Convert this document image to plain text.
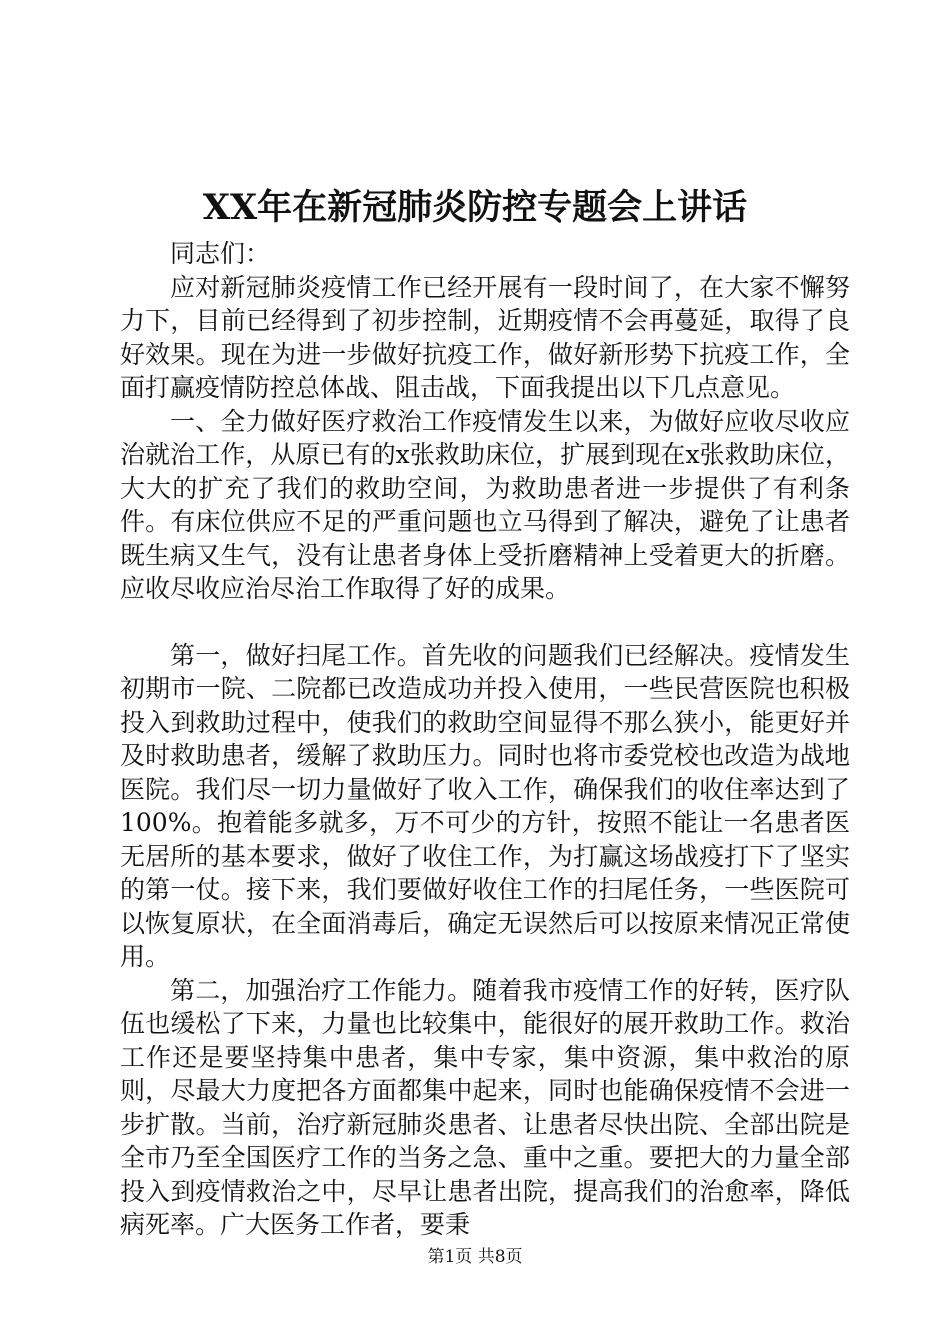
XX年在新冠肺炎防控专题会上讲话

同志们：

应对新冠肺炎疫情工作已经开展有一段时间了，在大家不懈努力下，目前已经得到了初步控制，近期疫情不会再蔓延，取得了良好效果。现在为进一步做好抗疫工作，做好新形势下抗疫工作，全面打赢疫情防控总体战、阻击战，下面我提出以下几点意见。

一、全力做好医疗救治工作疫情发生以来，为做好应收尽收应治就治工作，从原已有的x张救助床位，扩展到现在x张救助床位，大大的扩充了我们的救助空间，为救助患者进一步提供了有利条件。有床位供应不足的严重问题也立马得到了解决，避免了让患者既生病又生气，没有让患者身体上受折磨精神上受着更大的折磨。应收尽收应治尽治工作取得了好的成果。

第一，做好扫尾工作。首先收的问题我们已经解决。疫情发生初期市一院、二院都已改造成功并投入使用，一些民营医院也积极投入到救助过程中，使我们的救助空间显得不那么狭小，能更好并及时救助患者，缓解了救助压力。同时也将市委党校也改造为战地医院。我们尽一切力量做好了收入工作，确保我们的收住率达到了100%。抱着能多就多，万不可少的方针，按照不能让一名患者医无居所的基本要求，做好了收住工作，为打赢这场战疫打下了坚实的第一仗。接下来，我们要做好收住工作的扫尾任务，一些医院可以恢复原状，在全面消毒后，确定无误然后可以按原来情况正常使用。

第二，加强治疗工作能力。随着我市疫情工作的好转，医疗队伍也缓松了下来，力量也比较集中，能很好的展开救助工作。救治工作还是要坚持集中患者，集中专家，集中资源，集中救治的原则，尽最大力度把各方面都集中起来，同时也能确保疫情不会进一步扩散。当前，治疗新冠肺炎患者、让患者尽快出院、全部出院是全市乃至全国医疗工作的当务之急、重中之重。要把大的力量全部投入到疫情救治之中，尽早让患者出院，提高我们的治愈率，降低病死率。广大医务工作者，要秉

第1页 共8页
